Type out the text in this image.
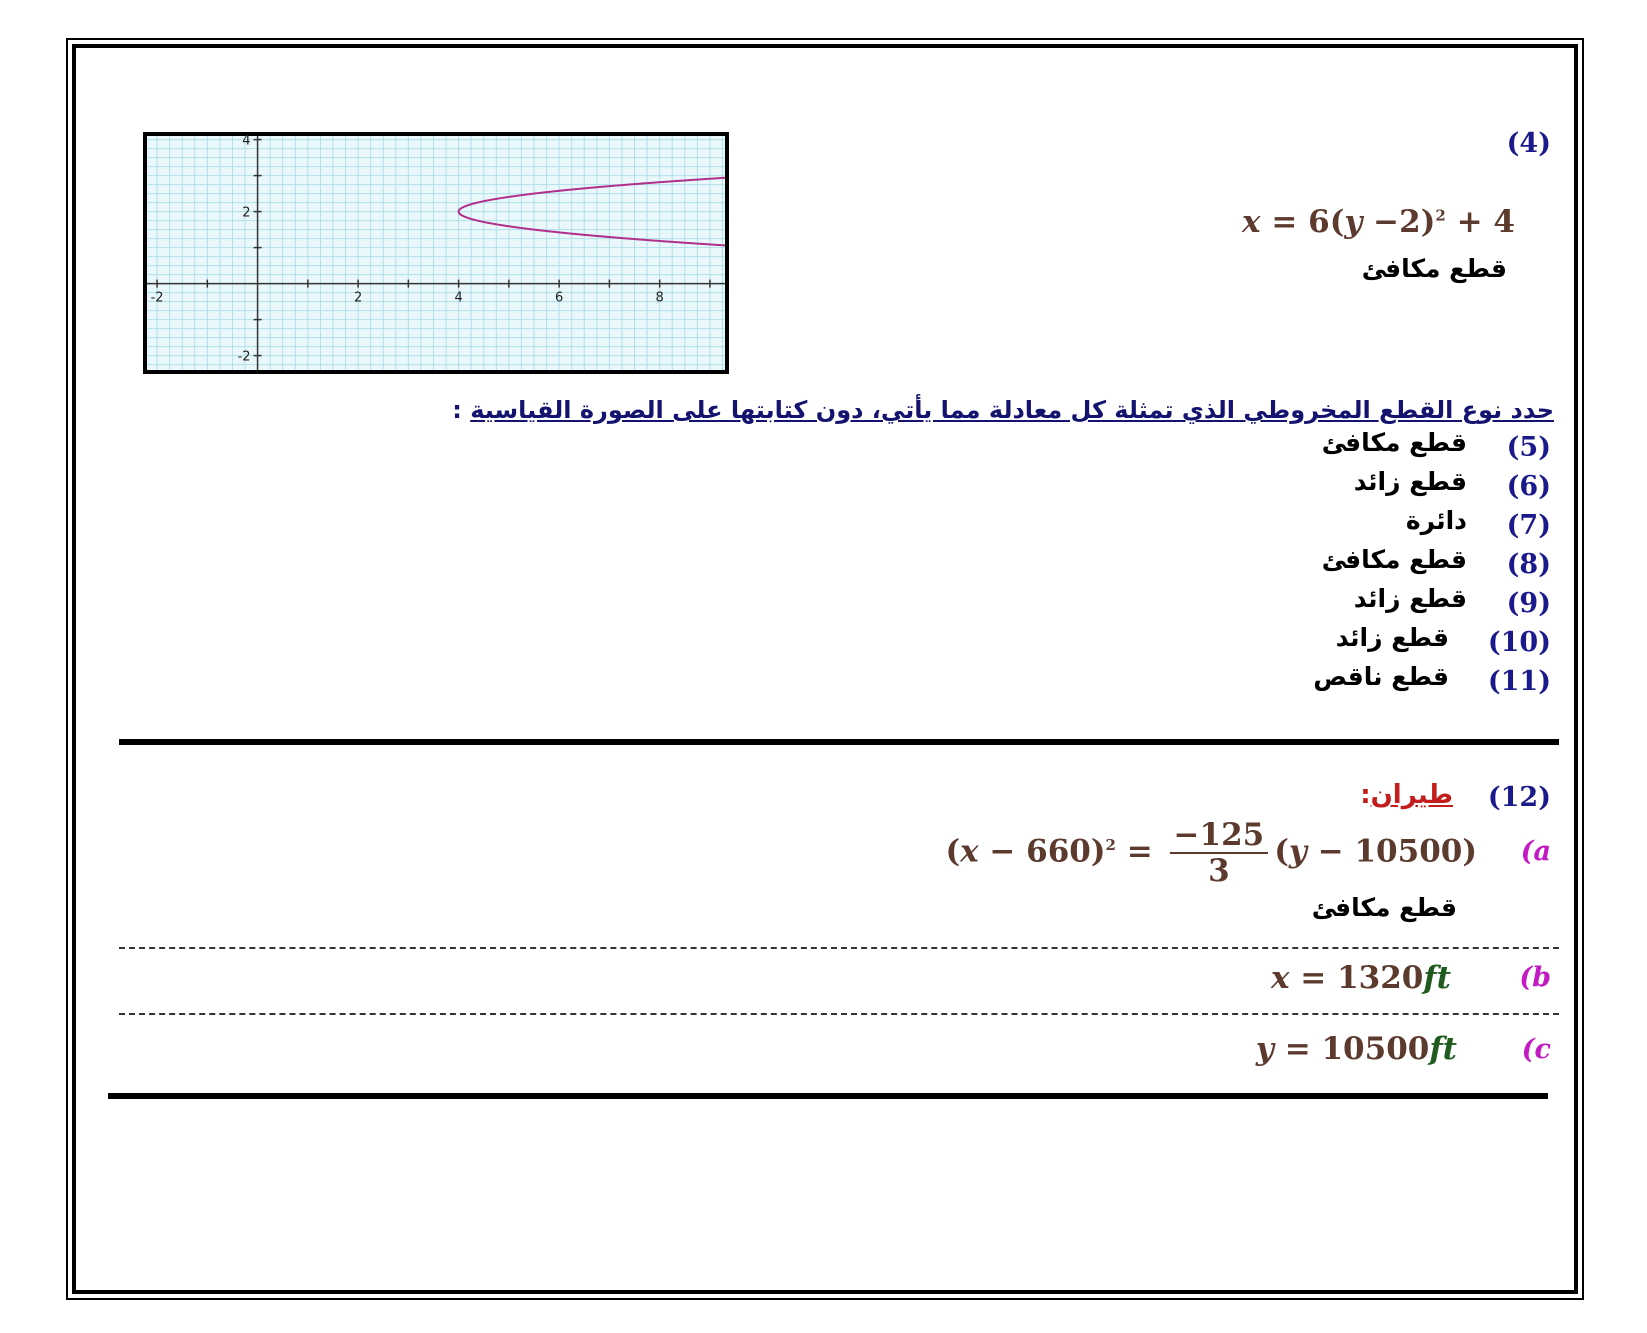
-2	2	4	6	8
-2
2
4	(4)
$x = 6(y -2)^2 + 4$
قطع مكافئ
حدد نوع القطع المخروطي الذي تمثلة كل معادلة مما يأتي، دون كتابتها على الصورة القياسية :
(5)
قطع مكافئ
(6)
قطع زائد
(7)
دائرة
(8)
قطع مكافئ
(9)
قطع زائد
(10)
قطع زائد
(11)
قطع ناقص
(12)
طيران:
(a
$(x - 660)^2 = \frac{-125}{3} (y - 10500)$
قطع مكافئ
(b
x = 1320ft
(c
y = 10500ft
